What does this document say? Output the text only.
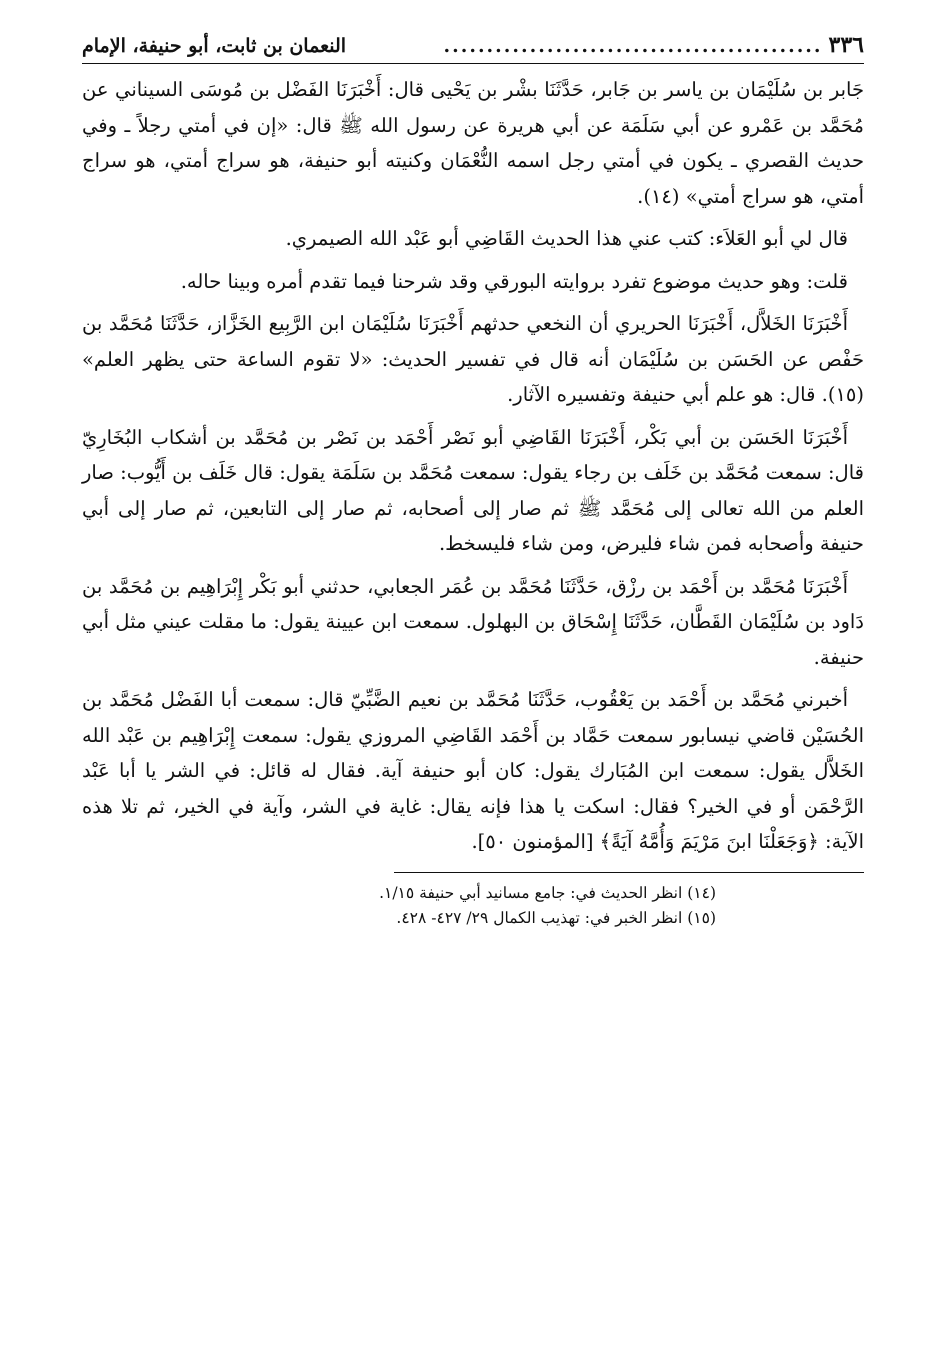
٣٣٦
............................................
النعمان بن ثابت، أبو حنيفة، الإمام

جَابر بن سُلَيْمَان بن ياسر بن جَابر، حَدَّثَنَا بشْر بن يَحْيى قال: أَخْبَرَنَا الفَضْل بن مُوسَى السيناني عن مُحَمَّد بن عَمْرو عن أبي سَلَمَة عن أبي هريرة عن رسول الله ﷺ قال: «إن في أمتي رجلاً ـ وفي حديث القصري ـ يكون في أمتي رجل اسمه النُّعْمَان وكنيته أبو حنيفة، هو سراج أمتي، هو سراج أمتي، هو سراج أمتي» (١٤).

قال لي أبو العَلاَء: كتب عني هذا الحديث القَاضِي أبو عَبْد الله الصيمري.

قلت: وهو حديث موضوع تفرد بروايته البورقي وقد شرحنا فيما تقدم أمره وبينا حاله.

أَخْبَرَنَا الخَلاَّل، أَخْبَرَنَا الحريري أن النخعي حدثهم أَخْبَرَنَا سُلَيْمَان ابن الرَّبِيع الخَزَّاز، حَدَّثَنَا مُحَمَّد بن حَفْص عن الحَسَن بن سُلَيْمَان أنه قال في تفسير الحديث: «لا تقوم الساعة حتى يظهر العلم» (١٥). قال: هو علم أبي حنيفة وتفسيره الآثار.

أَخْبَرَنَا الحَسَن بن أبي بَكْر، أَخْبَرَنَا القَاضِي أبو نَصْر أَحْمَد بن نَصْر بن مُحَمَّد بن أشكاب البُخَارِيّ قال: سمعت مُحَمَّد بن خَلَف بن رجاء يقول: سمعت مُحَمَّد بن سَلَمَة يقول: قال خَلَف بن أَيُّوب: صار العلم من الله تعالى إلى مُحَمَّد ﷺ ثم صار إلى أصحابه، ثم صار إلى التابعين، ثم صار إلى أبي حنيفة وأصحابه فمن شاء فليرض، ومن شاء فليسخط.

أَخْبَرَنَا مُحَمَّد بن أَحْمَد بن رزْق، حَدَّثَنَا مُحَمَّد بن عُمَر الجعابي، حدثني أبو بَكْر إِبْرَاهِيم بن مُحَمَّد بن دَاود بن سُلَيْمَان القَطَّان، حَدَّثَنَا إِسْحَاق بن البهلول. سمعت ابن عيينة يقول: ما مقلت عيني مثل أبي حنيفة.

أخبرني مُحَمَّد بن أَحْمَد بن يَعْقُوب، حَدَّثَنَا مُحَمَّد بن نعيم الضَّبِّيّ قال: سمعت أبا الفَضْل مُحَمَّد بن الحُسَيْن قاضي نيسابور سمعت حَمَّاد بن أَحْمَد القَاضِي المروزي يقول: سمعت إِبْرَاهِيم بن عَبْد الله الخَلاَّل يقول: سمعت ابن المُبَارك يقول: كان أبو حنيفة آية. فقال له قائل: في الشر يا أبا عَبْد الرَّحْمَن أو في الخير؟ فقال: اسكت يا هذا فإنه يقال: غاية في الشر، وآية في الخير، ثم تلا هذه الآية: ﴿وَجَعَلْنَا ابنَ مَرْيَمَ وَأُمَّهُ آيَةً﴾ [المؤمنون ٥٠].

(١٤) انظر الحديث في: جامع مسانيد أبي حنيفة ١/١٥.
(١٥) انظر الخبر في: تهذيب الكمال ٢٩/ ٤٢٧- ٤٢٨.
